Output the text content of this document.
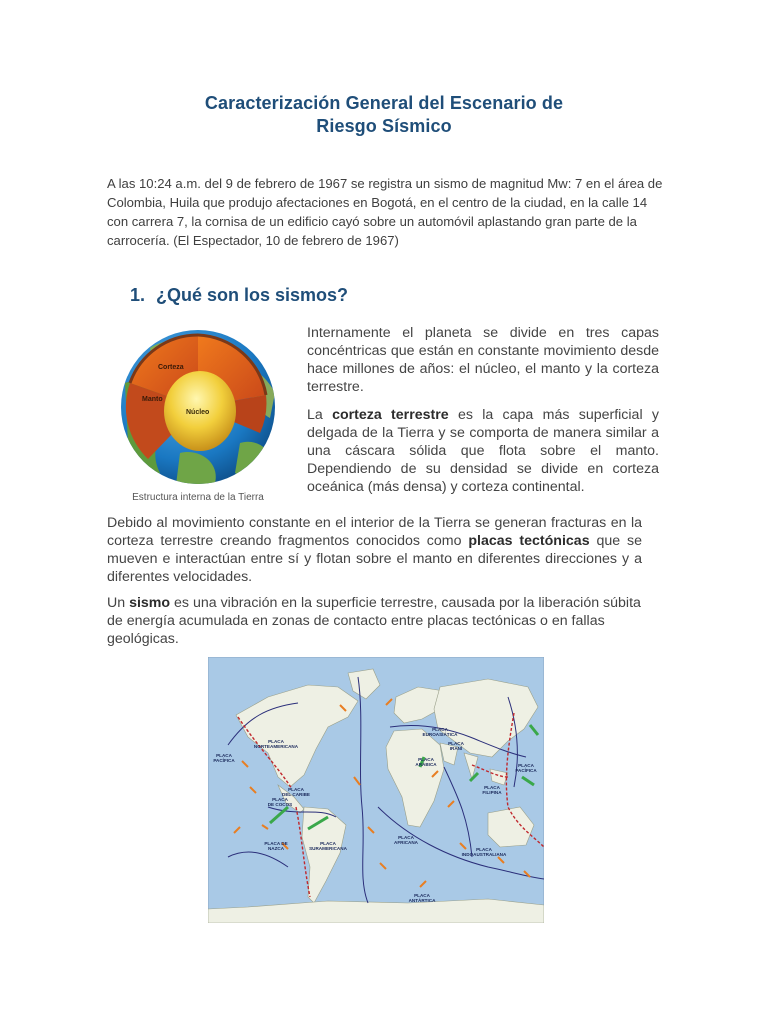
Caracterización General del Escenario de
Riesgo Sísmico
A las 10:24 a.m. del 9 de febrero de 1967 se registra un sismo de magnitud Mw: 7 en el área de Colombia, Huila que produjo afectaciones en Bogotá, en el centro de la ciudad, en la calle 14 con carrera 7, la cornisa de un edificio cayó sobre un automóvil aplastando gran parte de la carrocería. (El Espectador, 10 de febrero de 1967)
1. ¿Qué son los sismos?
Corteza
Manto
Núcleo
Estructura interna de la Tierra
Internamente el planeta se divide en tres capas concéntricas que están en constante movimiento desde hace millones de años: el núcleo, el manto y la corteza terrestre.
La corteza terrestre es la capa más superficial y delgada de la Tierra y se comporta de manera similar a una cáscara sólida que flota sobre el manto. Dependiendo de su densidad se divide en corteza oceánica (más densa) y corteza continental.
Debido al movimiento constante en el interior de la Tierra se generan fracturas en la corteza terrestre creando fragmentos conocidos como placas tectónicas que se mueven e interactúan entre sí y flotan sobre el manto en diferentes direcciones y a diferentes velocidades.
Un sismo es una vibración en la superficie terrestre, causada por la liberación súbita de energía acumulada en zonas de contacto entre placas tectónicas o en fallas geológicas.
PLACA PACÍFICA
PLACA NORTEAMERICANA
PLACA DEL CARIBE
PLACA DE COCOS
PLACA DE NAZCA
PLACA SURAMERICANA
PLACA EUROASIÁTICA
PLACA ARÁBICA
PLACA IRANÍ
PLACA FILIPINA
PLACA PACÍFICA
PLACA AFRICANA
PLACA INDOAUSTRALIANA
PLACA ANTÁRTICA
